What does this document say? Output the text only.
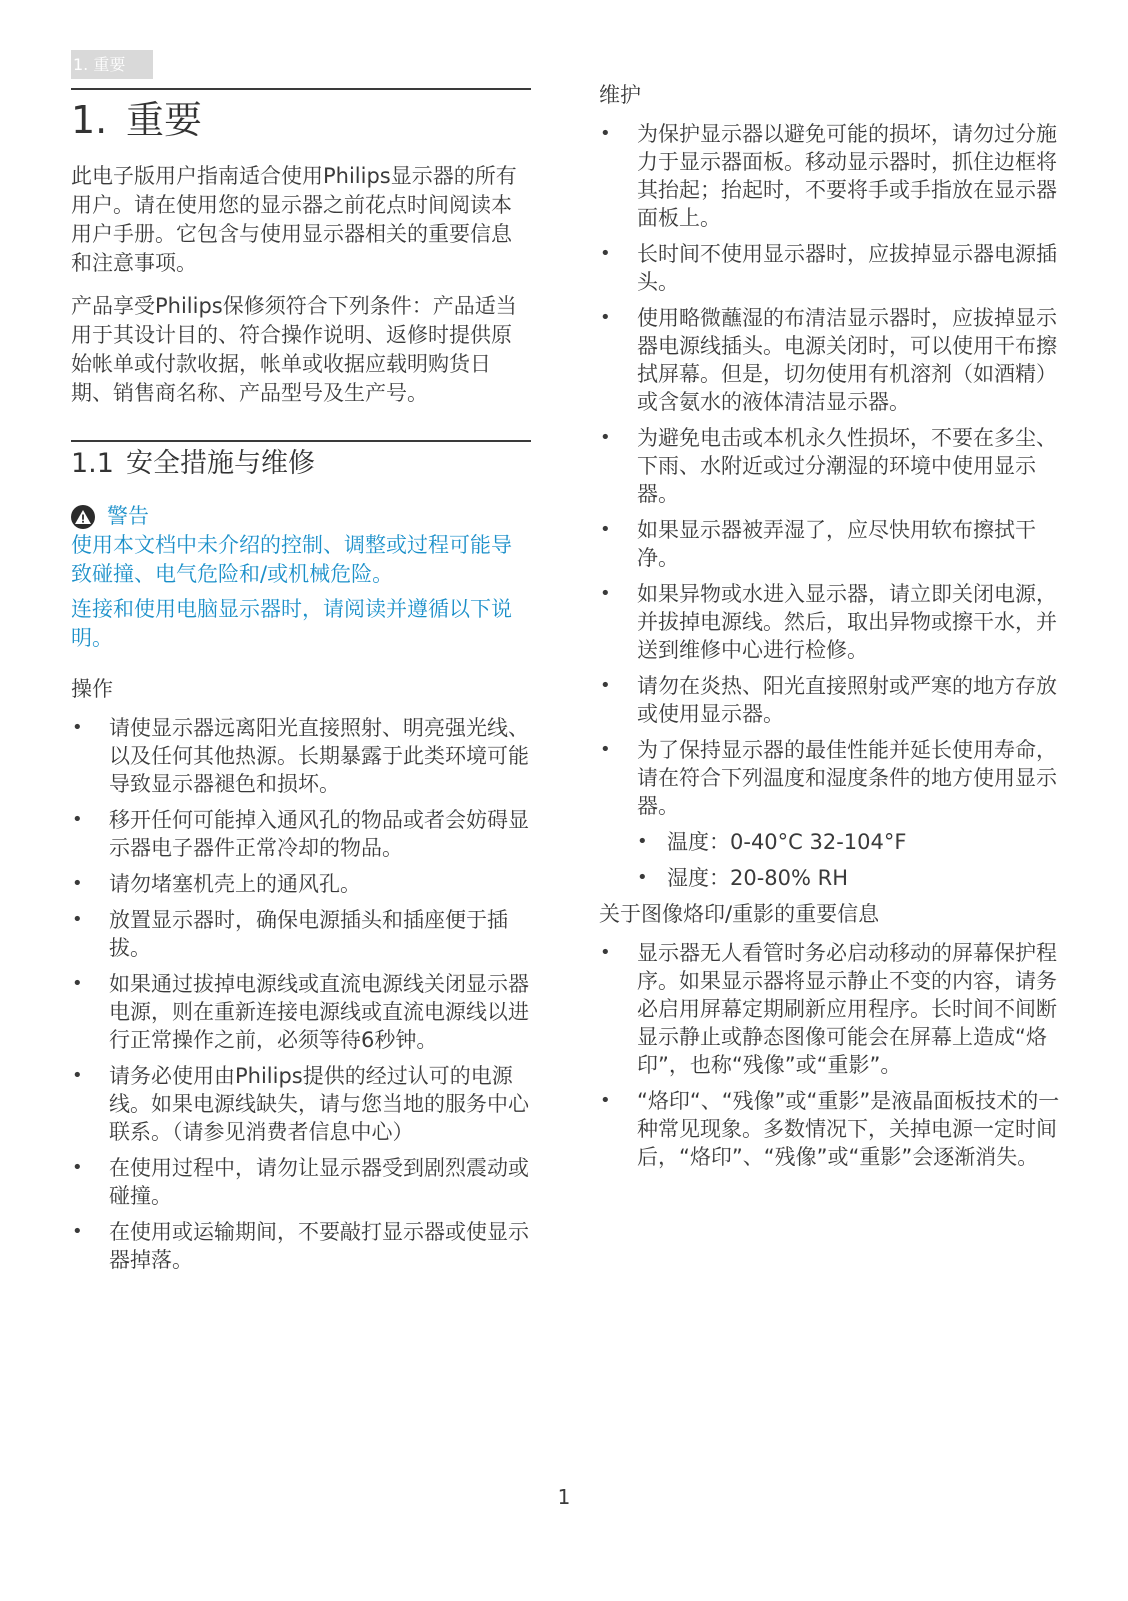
1. 重要
1. 重要

此电子版用户指南适合使用Philips显示器的所有用户。请在使用您的显示器之前花点时间阅读本用户手册。它包含与使用显示器相关的重要信息和注意事项。

产品享受Philips保修须符合下列条件：产品适当用于其设计目的、符合操作说明、返修时提供原始帐单或付款收据，帐单或收据应载明购货日期、销售商名称、产品型号及生产号。

1.1 安全措施与维修
警告

使用本文档中未介绍的控制、调整或过程可能导致碰撞、电气危险和/或机械危险。

连接和使用电脑显示器时，请阅读并遵循以下说明。

操作
• 请使显示器远离阳光直接照射、明亮强光线、以及任何其他热源。长期暴露于此类环境可能导致显示器褪色和损坏。
• 移开任何可能掉入通风孔的物品或者会妨碍显示器电子器件正常冷却的物品。
• 请勿堵塞机壳上的通风孔。
• 放置显示器时，确保电源插头和插座便于插拔。
• 如果通过拔掉电源线或直流电源线关闭显示器电源，则在重新连接电源线或直流电源线以进行正常操作之前，必须等待6秒钟。
• 请务必使用由Philips提供的经过认可的电源线。如果电源线缺失，请与您当地的服务中心联系。（请参见消费者信息中心）
• 在使用过程中，请勿让显示器受到剧烈震动或碰撞。
• 在使用或运输期间，不要敲打显示器或使显示器掉落。
维护
• 为保护显示器以避免可能的损坏，请勿过分施力于显示器面板。移动显示器时，抓住边框将其抬起；抬起时，不要将手或手指放在显示器面板上。
• 长时间不使用显示器时，应拔掉显示器电源插头。
• 使用略微蘸湿的布清洁显示器时，应拔掉显示器电源线插头。电源关闭时，可以使用干布擦拭屏幕。但是，切勿使用有机溶剂（如酒精）或含氨水的液体清洁显示器。
• 为避免电击或本机永久性损坏，不要在多尘、下雨、水附近或过分潮湿的环境中使用显示器。
• 如果显示器被弄湿了，应尽快用软布擦拭干净。
• 如果异物或水进入显示器，请立即关闭电源，并拔掉电源线。然后，取出异物或擦干水，并送到维修中心进行检修。
• 请勿在炎热、阳光直接照射或严寒的地方存放或使用显示器。
• 为了保持显示器的最佳性能并延长使用寿命，请在符合下列温度和湿度条件的地方使用显示器。
• 温度：0-40°C 32-104°F
• 湿度：20-80% RH
关于图像烙印/重影的重要信息
• 显示器无人看管时务必启动移动的屏幕保护程序。如果显示器将显示静止不变的内容，请务必启用屏幕定期刷新应用程序。长时间不间断显示静止或静态图像可能会在屏幕上造成“烙印”，也称“残像”或“重影”。
• “烙印“、“残像”或“重影”是液晶面板技术的一种常见现象。多数情况下，关掉电源一定时间后，“烙印”、“残像”或“重影”会逐渐消失。
1
